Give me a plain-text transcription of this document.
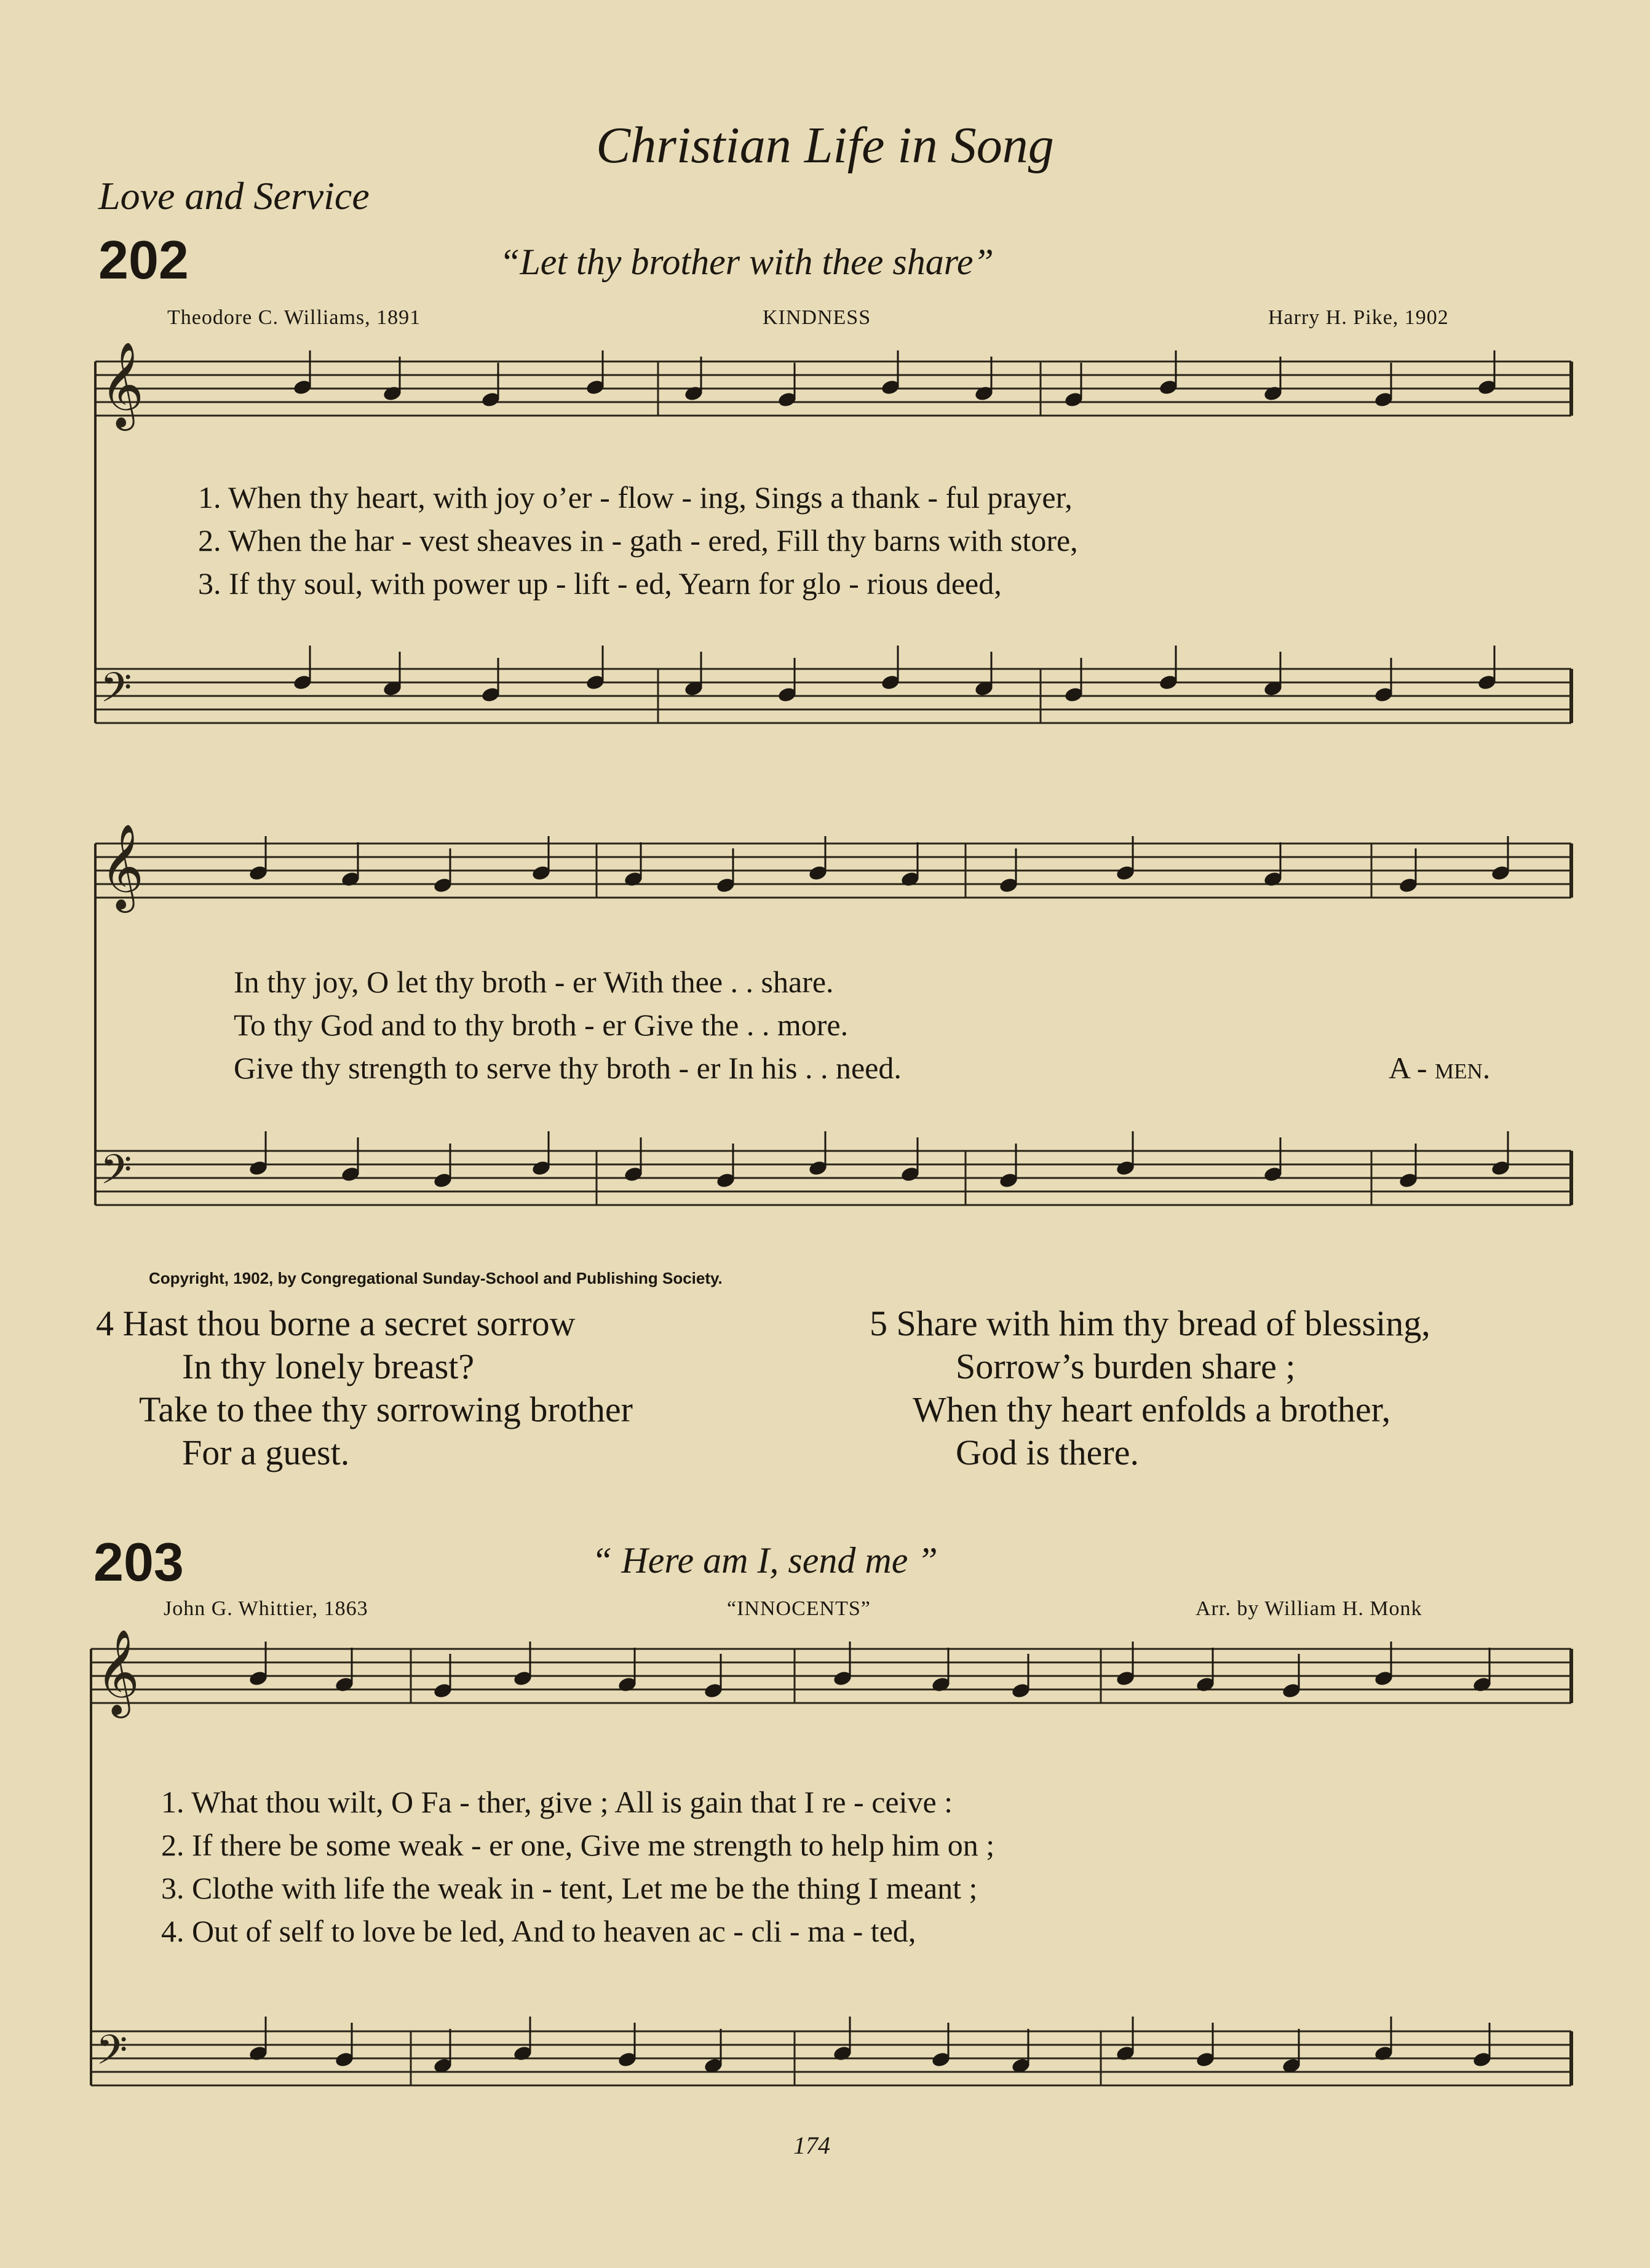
Christian Life in Song
Love and Service
202	“Let thy brother with thee share”
Theodore C. Williams, 1891	KINDNESS	Harry H. Pike, 1902
𝄞
𝄢
𝄞
𝄢
𝄞
𝄢
1. When thy heart, with joy o’er - flow - ing, Sings a thank - ful prayer,
2. When the har - vest sheaves in - gath - ered, Fill thy barns with store,
3. If thy soul, with power up - lift - ed, Yearn for glo - rious deed,
In thy joy, O let thy broth - er With thee . . share.
To thy God and to thy broth - er Give the . . more.
Give thy strength to serve thy broth - er In his . . need.	A - men.
Copyright, 1902, by Congregational Sunday-School and Publishing Society.
4 Hast thou borne a secret sorrow
In thy lonely breast?
Take to thee thy sorrowing brother
For a guest.
5 Share with him thy bread of blessing,
Sorrow’s burden share ;
When thy heart enfolds a brother,
God is there.
203	“ Here am I, send me ”
John G. Whittier, 1863	“INNOCENTS”	Arr. by William H. Monk
1. What thou wilt, O Fa - ther, give ; All is gain that I re - ceive :
2. If there be some weak - er one, Give me strength to help him on ;
3. Clothe with life the weak in - tent, Let me be the thing I meant ;
4. Out of self to love be led, And to heaven ac - cli - ma - ted,
174
